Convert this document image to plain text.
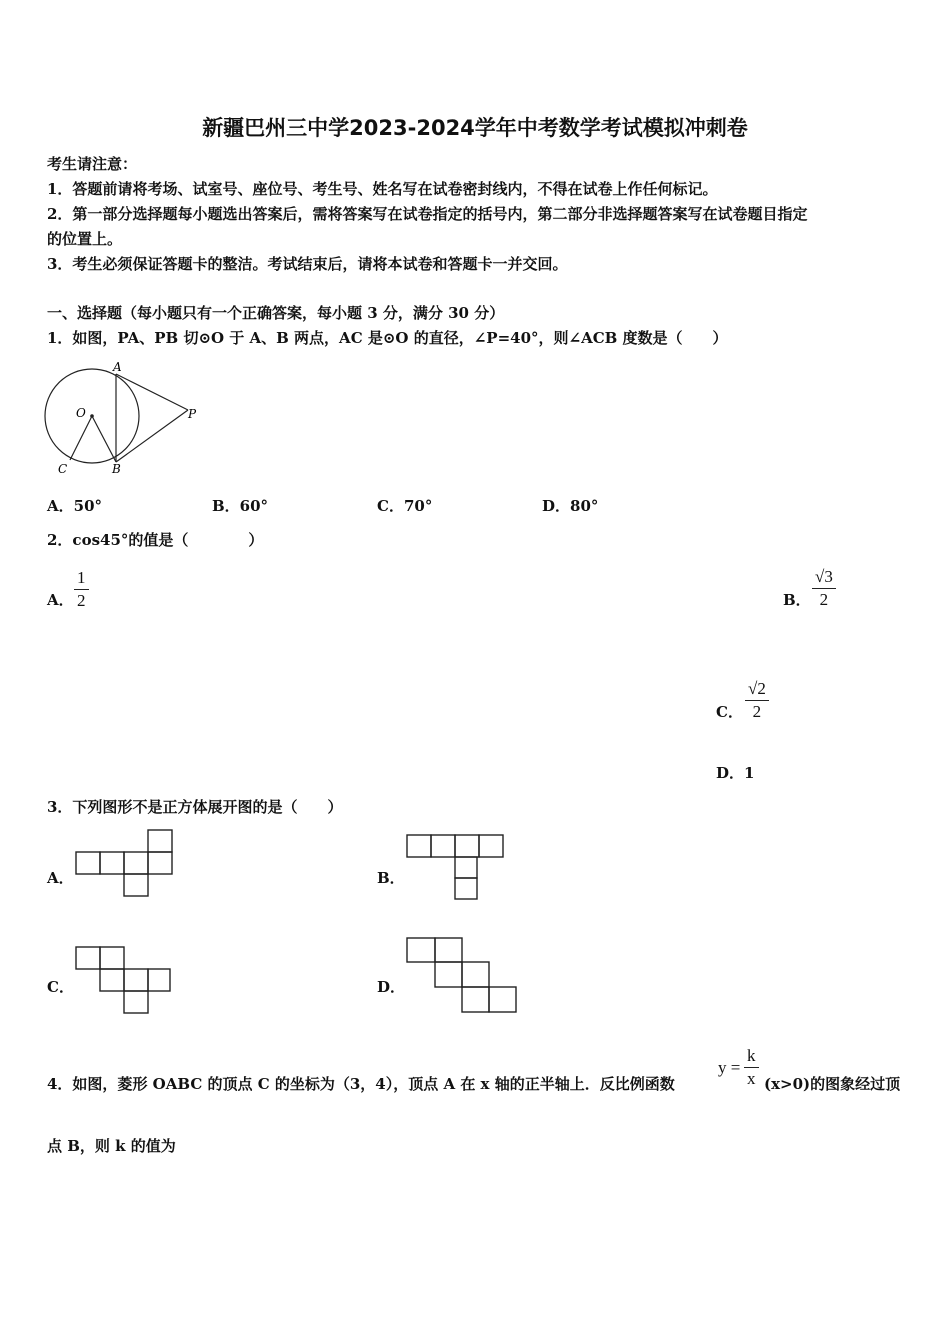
新疆巴州三中学2023-2024学年中考数学考试模拟冲刺卷
考生请注意：
1．答题前请将考场、试室号、座位号、考生号、姓名写在试卷密封线内，不得在试卷上作任何标记。
2．第一部分选择题每小题选出答案后，需将答案写在试卷指定的括号内，第二部分非选择题答案写在试卷题目指定
的位置上。
3．考生必须保证答题卡的整洁。考试结束后，请将本试卷和答题卡一并交回。
一、选择题（每小题只有一个正确答案，每小题 3 分，满分 30 分）
1．如图，PA、PB 切⊙O 于 A、B 两点，AC 是⊙O 的直径，∠P=40°，则∠ACB 度数是（　　）
A
O	P
C	B
A．50°	B．60°	C．70°	D．80°
2．cos45°的值是（　　　　）
A． $\frac{1}{2}$	B． $\frac{√3}{2}$
C． $\frac{√2}{2}$
D．1
3．下列图形不是正方体展开图的是（　　）
A．	B．
C．	D．
4．如图，菱形 OABC 的顶点 C 的坐标为（3，4），顶点 A 在 x 轴的正半轴上．反比例函数
$y = \frac{k}{x} (x>0)$的图象经过顶
点 B，则 k 的值为
